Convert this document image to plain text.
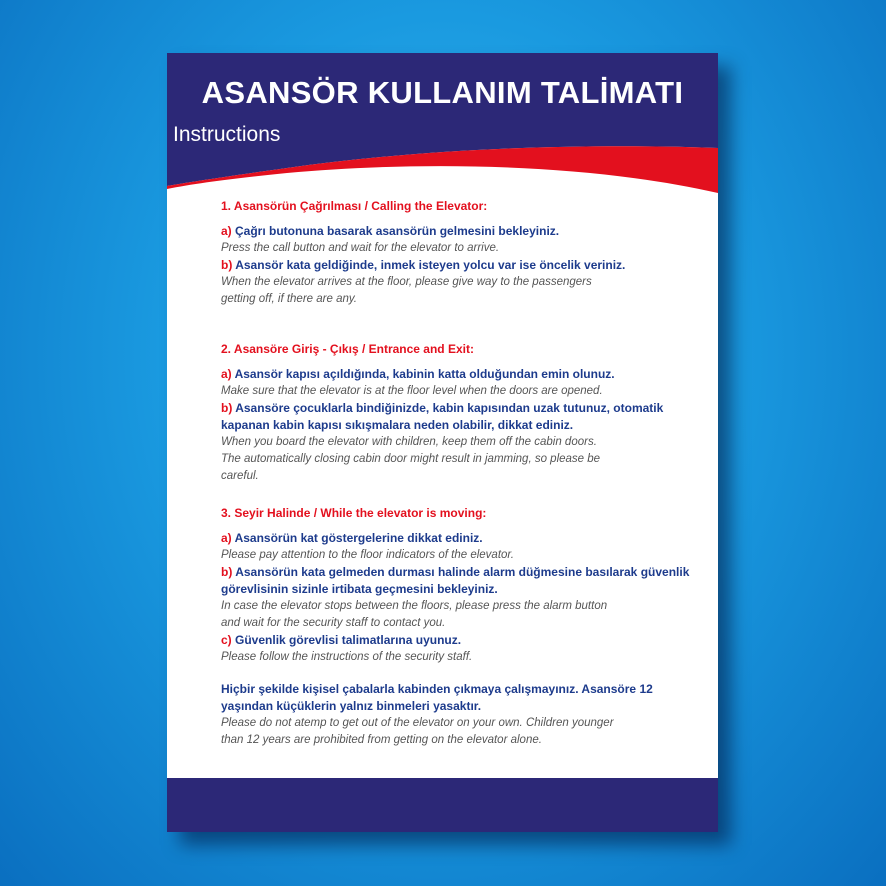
ASANSÖR KULLANIM TALİMATI
Instructions
1. Asansörün Çağrılması / Calling the Elevator:
a) Çağrı butonuna basarak asansörün gelmesini bekleyiniz.
Press the call button and wait for the elevator to arrive.
b) Asansör kata geldiğinde, inmek isteyen yolcu var ise öncelik veriniz.
When the elevator arrives at the floor, please give way to the passengers
getting off, if there are any.
2. Asansöre Giriş - Çıkış / Entrance and Exit:
a) Asansör kapısı açıldığında, kabinin katta olduğundan emin olunuz.
Make sure that the elevator is at the floor level when the doors are opened.
b) Asansöre çocuklarla bindiğinizde, kabin kapısından uzak tutunuz, otomatik
kapanan kabin kapısı sıkışmalara neden olabilir, dikkat ediniz.
When you board the elevator with children, keep them off the cabin doors.
The automatically closing cabin door might result in jamming, so please be
careful.
3. Seyir Halinde / While the elevator is moving:
a) Asansörün kat göstergelerine dikkat ediniz.
Please pay attention to the floor indicators of the elevator.
b) Asansörün kata gelmeden durması halinde alarm düğmesine basılarak güvenlik
görevlisinin sizinle irtibata geçmesini bekleyiniz.
In case the elevator stops between the floors, please press the alarm button
and wait for the security staff to contact you.
c) Güvenlik görevlisi talimatlarına uyunuz.
Please follow the instructions of the security staff.
Hiçbir şekilde kişisel çabalarla kabinden çıkmaya çalışmayınız. Asansöre 12
yaşından küçüklerin yalnız binmeleri yasaktır.
Please do not atemp to get out of the elevator on your own. Children younger
than 12 years are prohibited from getting on the elevator alone.
